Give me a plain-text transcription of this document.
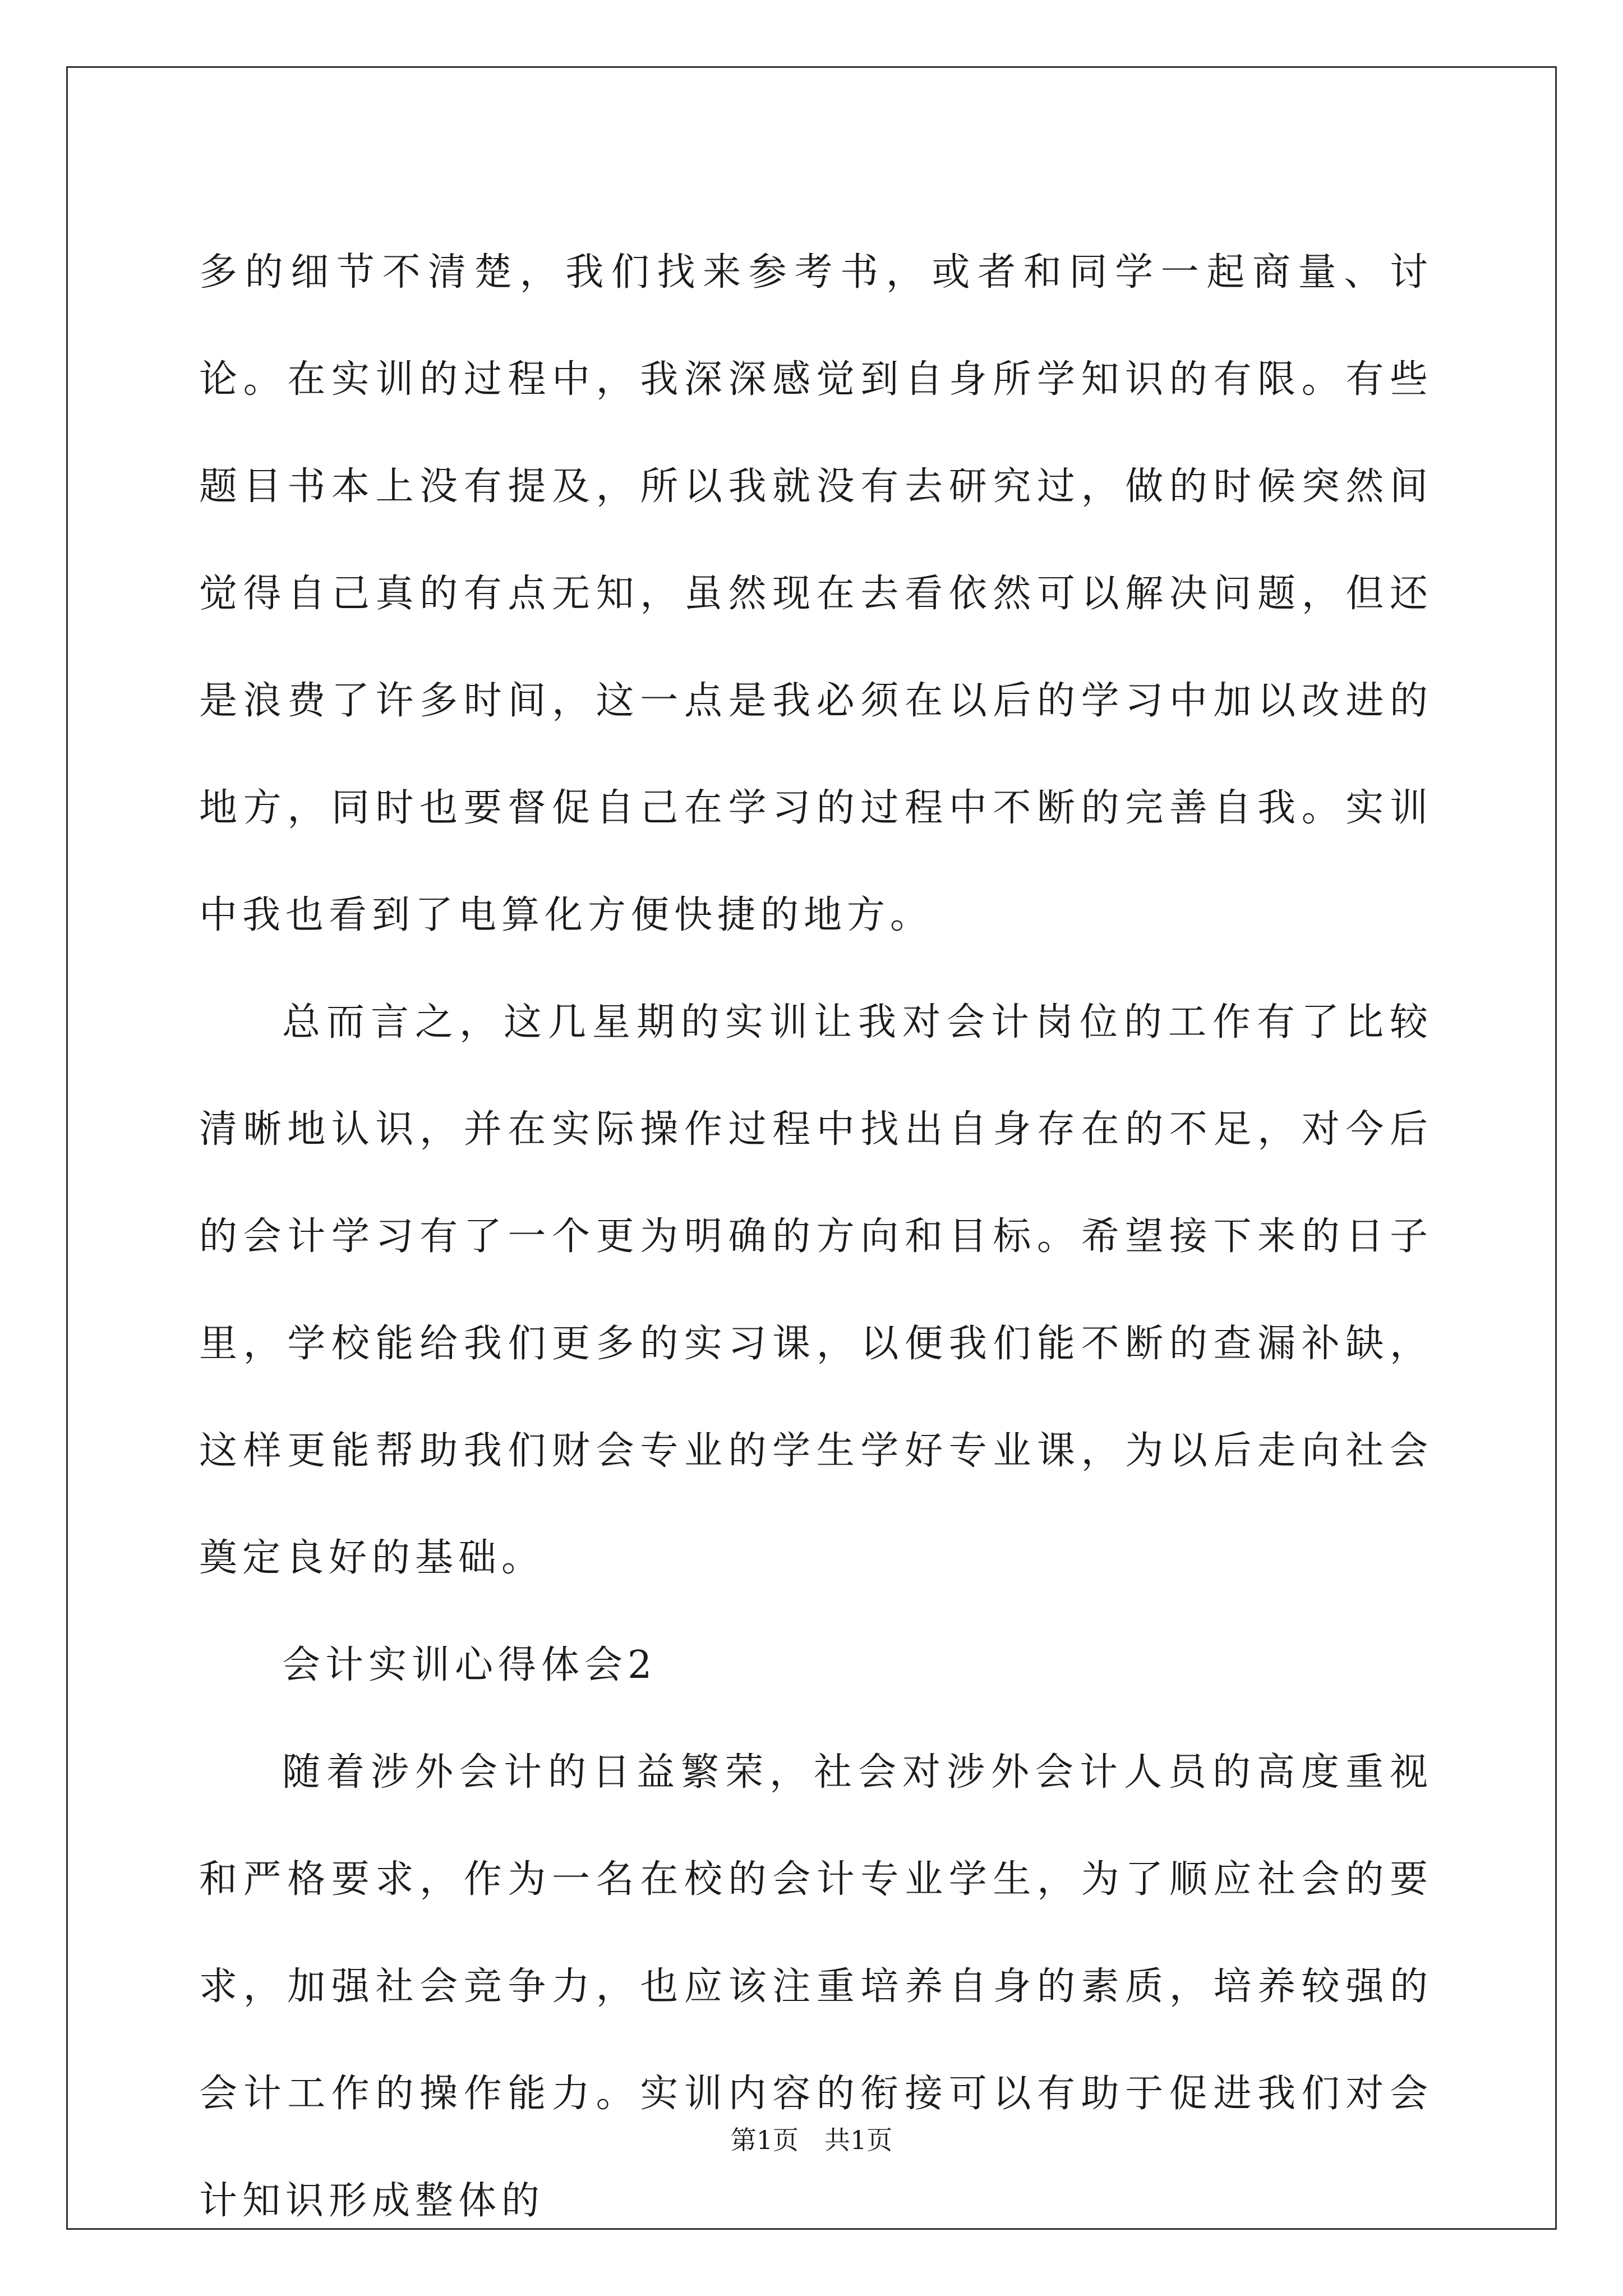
多的细节不清楚，我们找来参考书，或者和同学一起商量、讨论。在实训的过程中，我深深感觉到自身所学知识的有限。有些题目书本上没有提及，所以我就没有去研究过，做的时候突然间觉得自己真的有点无知，虽然现在去看依然可以解决问题，但还是浪费了许多时间，这一点是我必须在以后的学习中加以改进的地方，同时也要督促自己在学习的过程中不断的完善自我。实训中我也看到了电算化方便快捷的地方。

总而言之，这几星期的实训让我对会计岗位的工作有了比较清晰地认识，并在实际操作过程中找出自身存在的不足，对今后的会计学习有了一个更为明确的方向和目标。希望接下来的日子里，学校能给我们更多的实习课，以便我们能不断的查漏补缺，这样更能帮助我们财会专业的学生学好专业课，为以后走向社会奠定良好的基础。

会计实训心得体会2

随着涉外会计的日益繁荣，社会对涉外会计人员的高度重视和严格要求，作为一名在校的会计专业学生，为了顺应社会的要求，加强社会竞争力，也应该注重培养自身的素质，培养较强的会计工作的操作能力。实训内容的衔接可以有助于促进我们对会计知识形成整体的

第1页 共1页
